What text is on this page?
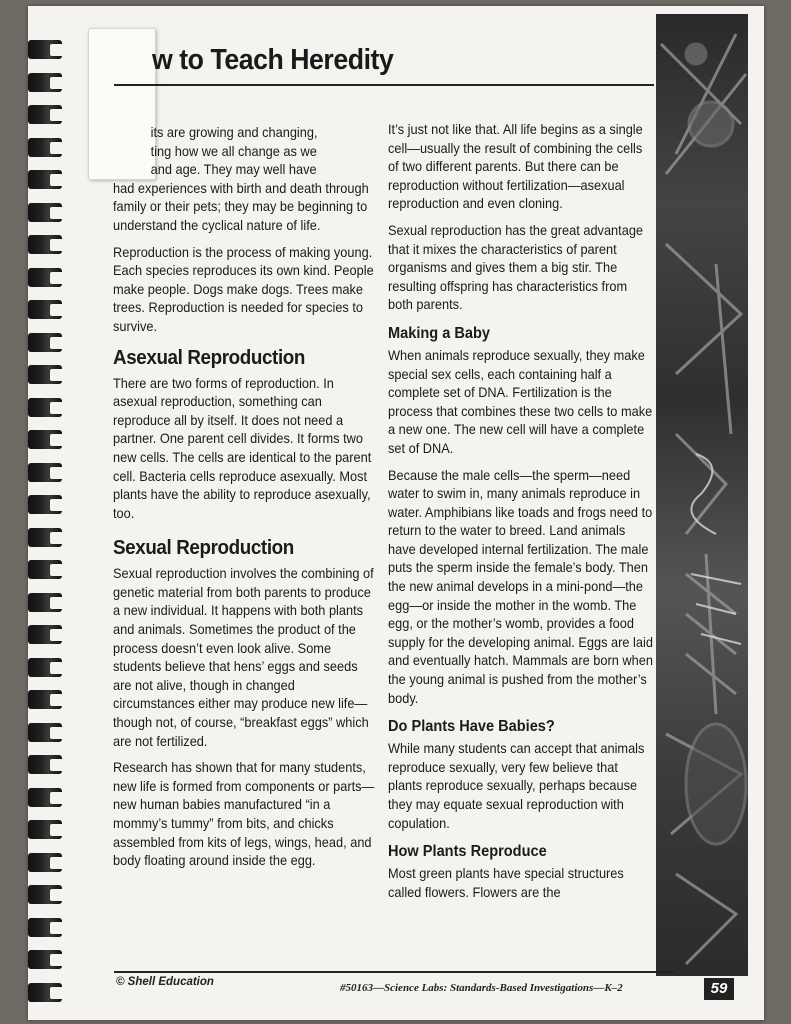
w to Teach Heredity

its are growing and changing,
ting how we all change as we
and age. They may well have
had experiences with birth and death through family or their pets; they may be beginning to understand the cyclical nature of life.

Reproduction is the process of making young. Each species reproduces its own kind. People make people. Dogs make dogs. Trees make trees. Reproduction is needed for species to survive.

Asexual Reproduction

There are two forms of reproduction. In asexual reproduction, something can reproduce all by itself. It does not need a partner. One parent cell divides. It forms two new cells. The cells are identical to the parent cell. Bacteria cells reproduce asexually. Most plants have the ability to reproduce asexually, too.

Sexual Reproduction

Sexual reproduction involves the combining of genetic material from both parents to produce a new individual. It happens with both plants and animals. Sometimes the product of the process doesn’t even look alive. Some students believe that hens’ eggs and seeds are not alive, though in changed circumstances either may produce new life—though not, of course, “breakfast eggs” which are not fertilized.

Research has shown that for many students, new life is formed from components or parts—new human babies manufactured “in a mommy’s tummy” from bits, and chicks assembled from kits of legs, wings, head, and body floating around inside the egg.

It’s just not like that. All life begins as a single cell—usually the result of combining the cells of two different parents. But there can be reproduction without fertilization—asexual reproduction and even cloning.

Sexual reproduction has the great advantage that it mixes the characteristics of parent organisms and gives them a big stir. The resulting offspring has characteristics from both parents.

Making a Baby

When animals reproduce sexually, they make special sex cells, each containing half a complete set of DNA. Fertilization is the process that combines these two cells to make a new one. The new cell will have a complete set of DNA.

Because the male cells—the sperm—need water to swim in, many animals reproduce in water. Amphibians like toads and frogs need to return to the water to breed. Land animals have developed internal fertilization. The male puts the sperm inside the female’s body. Then the new animal develops in a mini-pond—the egg—or inside the mother in the womb. The egg, or the mother’s womb, provides a food supply for the developing animal. Eggs are laid and eventually hatch. Mammals are born when the young animal is pushed from the mother’s body.

Do Plants Have Babies?

While many students can accept that animals reproduce sexually, very few believe that plants reproduce sexually, perhaps because they may equate sexual reproduction with copulation.

How Plants Reproduce

Most green plants have special structures called flowers. Flowers are the

© Shell Education	#50163—Science Labs: Standards-Based Investigations—K–2	59
